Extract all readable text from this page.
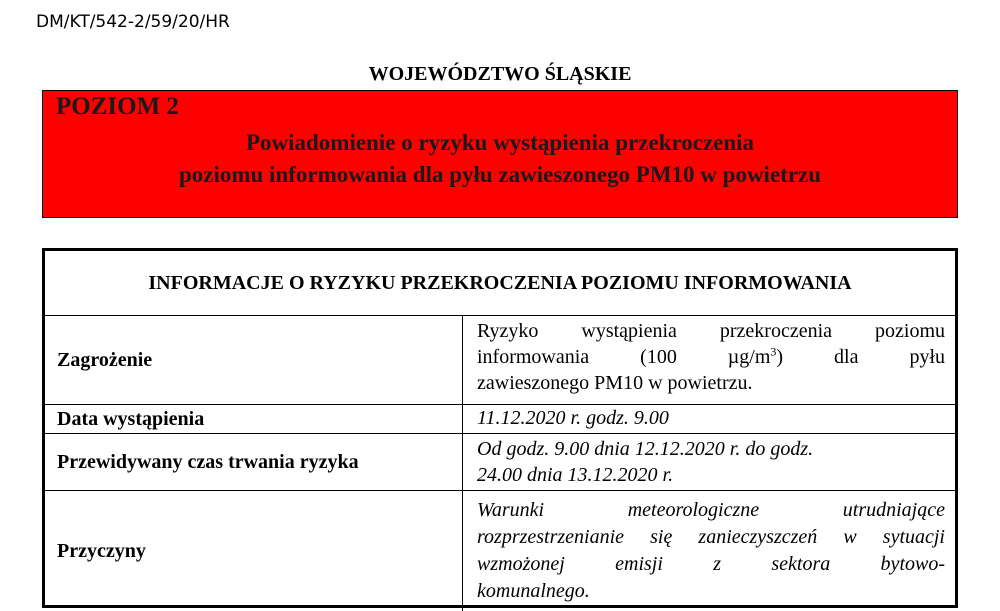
DM/KT/542-2/59/20/HR
WOJEWÓDZTWO ŚLĄSKIE
POZIOM 2
Powiadomienie o ryzyku wystąpienia przekroczenia
poziomu informowania dla pyłu zawieszonego PM10 w powietrzu
INFORMACJE O RYZYKU PRZEKROCZENIA POZIOMU INFORMOWANIA
Zagrożenie
Ryzyko wystąpienia przekroczenia poziomu
informowania (100 $\mu g/m^3$) dla pyłu
zawieszonego PM10 w powietrzu.
Data wystąpienia	11.12.2020 r. godz. 9.00
Przewidywany czas trwania ryzyka
Od godz. 9.00 dnia 12.12.2020 r. do godz.
24.00 dnia 13.12.2020 r.
Przyczyny
Warunki meteorologiczne utrudniające
rozprzestrzenianie się zanieczyszczeń w sytuacji
wzmożonej emisji z sektora bytowo-
komunalnego.
